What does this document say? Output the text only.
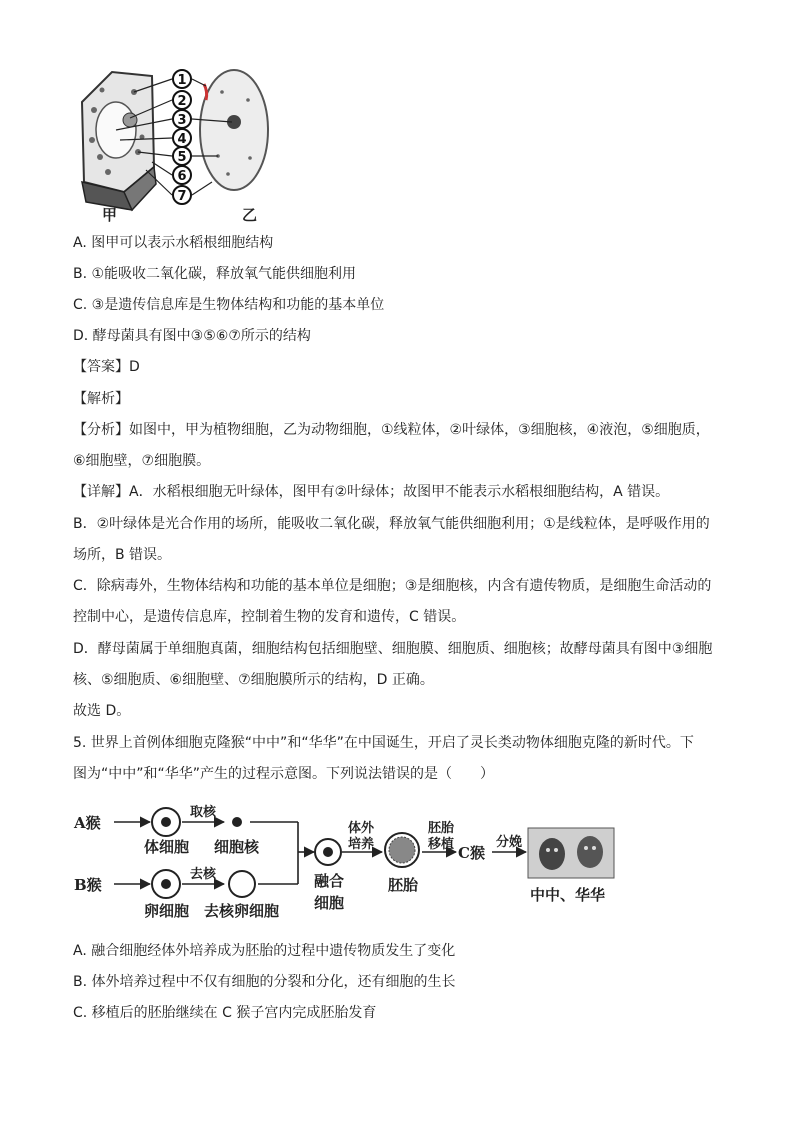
甲	乙
1
2
3
4
5
6
7
A. 图甲可以表示水稻根细胞结构
B. ①能吸收二氧化碳，释放氧气能供细胞利用
C. ③是遗传信息库是生物体结构和功能的基本单位
D. 酵母菌具有图中③⑤⑥⑦所示的结构
【答案】D
【解析】
【分析】如图中，甲为植物细胞，乙为动物细胞，①线粒体，②叶绿体，③细胞核，④液泡，⑤细胞质，
⑥细胞壁，⑦细胞膜。
【详解】A．水稻根细胞无叶绿体，图甲有②叶绿体；故图甲不能表示水稻根细胞结构，A 错误。
B．②叶绿体是光合作用的场所，能吸收二氧化碳，释放氧气能供细胞利用；①是线粒体，是呼吸作用的
场所，B 错误。
C．除病毒外，生物体结构和功能的基本单位是细胞；③是细胞核，内含有遗传物质，是细胞生命活动的
控制中心，是遗传信息库，控制着生物的发育和遗传，C 错误。
D．酵母菌属于单细胞真菌，细胞结构包括细胞壁、细胞膜、细胞质、细胞核；故酵母菌具有图中③细胞
核、⑤细胞质、⑥细胞壁、⑦细胞膜所示的结构，D 正确。
故选 D。
5. 世界上首例体细胞克隆猴“中中”和“华华”在中国诞生，开启了灵长类动物体细胞克隆的新时代。下
图为“中中”和“华华”产生的过程示意图。下列说法错误的是（　　）
A猴
B猴
体细胞
取核
细胞核
卵细胞
去核
去核卵细胞
融合
细胞
体外
培养
胚胎
胚胎
移植 C猴
分娩
中中、华华
A. 融合细胞经体外培养成为胚胎的过程中遗传物质发生了变化
B. 体外培养过程中不仅有细胞的分裂和分化，还有细胞的生长
C. 移植后的胚胎继续在 C 猴子宫内完成胚胎发育
